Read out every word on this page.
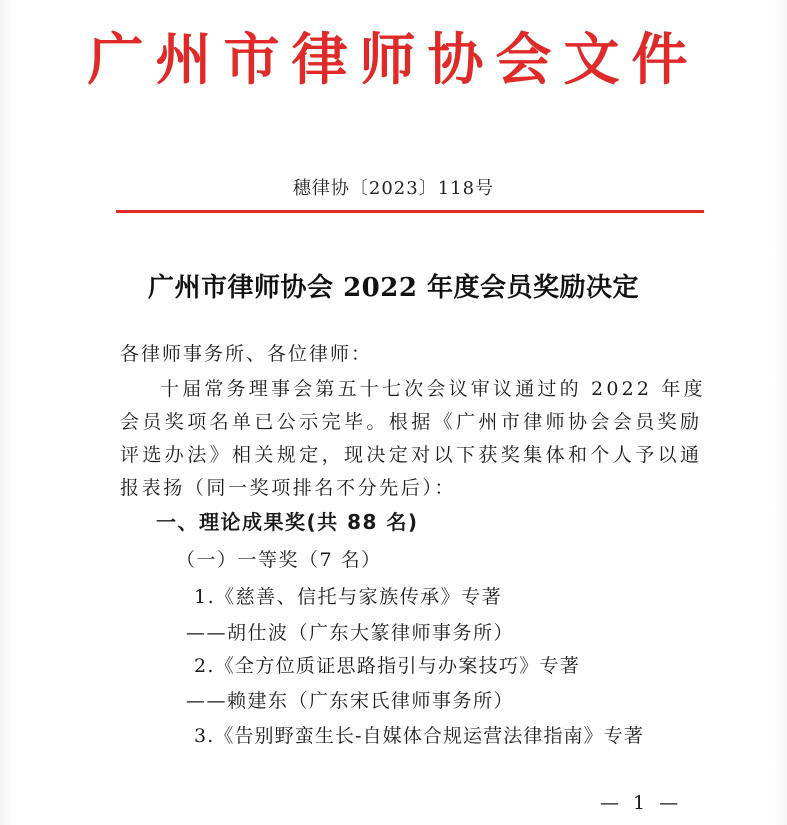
广州市律师协会文件
穗律协〔2023〕118号
广州市律师协会 2022 年度会员奖励决定
各律师事务所、各位律师：
十届常务理事会第五十七次会议审议通过的 2022 年度
会员奖项名单已公示完毕。根据《广州市律师协会会员奖励
评选办法》相关规定，现决定对以下获奖集体和个人予以通
报表扬（同一奖项排名不分先后）：
一、理论成果奖(共 88 名)
（一）一等奖（7 名）
1.《慈善、信托与家族传承》专著
——胡仕波（广东大篆律师事务所）
2.《全方位质证思路指引与办案技巧》专著
——赖建东（广东宋氏律师事务所）
3.《告别野蛮生长-自媒体合规运营法律指南》专著
— 1 —
